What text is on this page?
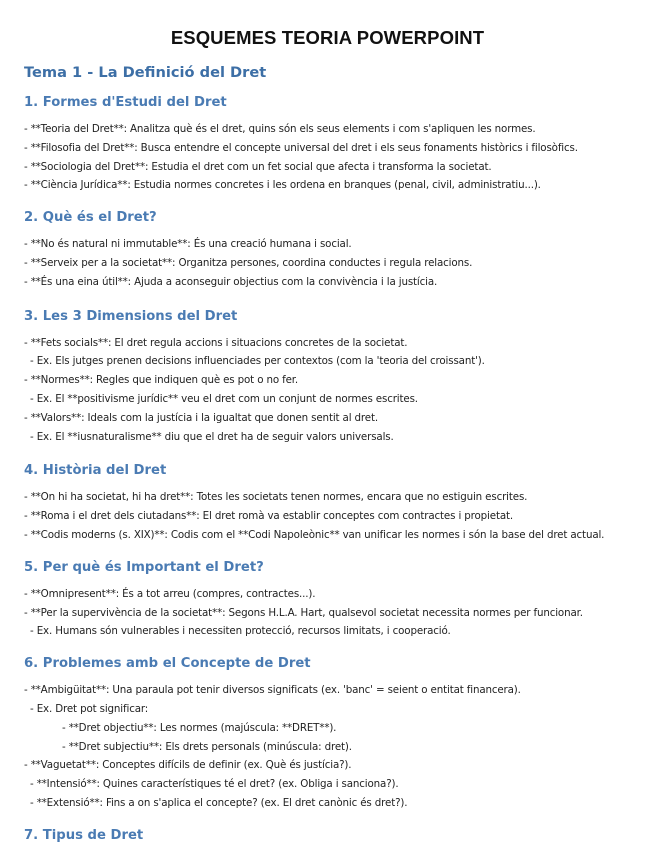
ESQUEMES TEORIA POWERPOINT
Tema 1 - La Definició del Dret
1. Formes d'Estudi del Dret
- **Teoria del Dret**: Analitza què és el dret, quins són els seus elements i com s'apliquen les normes.
- **Filosofia del Dret**: Busca entendre el concepte universal del dret i els seus fonaments històrics i filosòfics.
- **Sociologia del Dret**: Estudia el dret com un fet social que afecta i transforma la societat.
- **Ciència Jurídica**: Estudia normes concretes i les ordena en branques (penal, civil, administratiu...).
2. Què és el Dret?
- **No és natural ni immutable**: És una creació humana i social.
- **Serveix per a la societat**: Organitza persones, coordina conductes i regula relacions.
- **És una eina útil**: Ajuda a aconseguir objectius com la convivència i la justícia.
3. Les 3 Dimensions del Dret
- **Fets socials**: El dret regula accions i situacions concretes de la societat.
- Ex. Els jutges prenen decisions influenciades per contextos (com la 'teoria del croissant').
- **Normes**: Regles que indiquen què es pot o no fer.
- Ex. El **positivisme jurídic** veu el dret com un conjunt de normes escrites.
- **Valors**: Ideals com la justícia i la igualtat que donen sentit al dret.
- Ex. El **iusnaturalisme** diu que el dret ha de seguir valors universals.
4. Història del Dret
- **On hi ha societat, hi ha dret**: Totes les societats tenen normes, encara que no estiguin escrites.
- **Roma i el dret dels ciutadans**: El dret romà va establir conceptes com contractes i propietat.
- **Codis moderns (s. XIX)**: Codis com el **Codi Napoleònic** van unificar les normes i són la base del dret actual.
5. Per què és Important el Dret?
- **Omnipresent**: És a tot arreu (compres, contractes...).
- **Per la supervivència de la societat**: Segons H.L.A. Hart, qualsevol societat necessita normes per funcionar.
- Ex. Humans són vulnerables i necessiten protecció, recursos limitats, i cooperació.
6. Problemes amb el Concepte de Dret
- **Ambigüitat**: Una paraula pot tenir diversos significats (ex. 'banc' = seient o entitat financera).
- Ex. Dret pot significar:
- **Dret objectiu**: Les normes (majúscula: **DRET**).
- **Dret subjectiu**: Els drets personals (minúscula: dret).
- **Vaguetat**: Conceptes difícils de definir (ex. Què és justícia?).
- **Intensió**: Quines característiques té el dret? (ex. Obliga i sanciona?).
- **Extensió**: Fins a on s'aplica el concepte? (ex. El dret canònic és dret?).
7. Tipus de Dret
